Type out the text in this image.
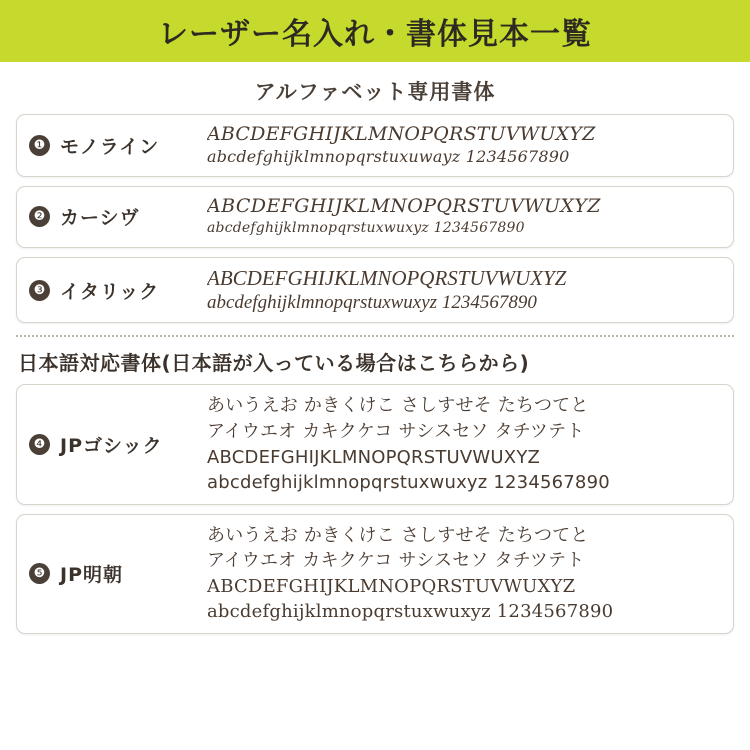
レーザー名入れ・書体見本一覧
アルファベット専用書体
❶ モノライン
ABCDEFGHIJKLMNOPQRSTUVWUXYZ
abcdefghijklmnopqrstuxuwayz 1234567890
❷ カーシヴ
ABCDEFGHIJKLMNOPQRSTUVWUXYZ
abcdefghijklmnopqrstuxwuxyz 1234567890
❸ イタリック
ABCDEFGHIJKLMNOPQRSTUVWUXYZ
abcdefghijklmnopqrstuxwuxyz 1234567890
日本語対応書体(日本語が入っている場合はこちらから)
❹ JPゴシック
あいうえお かきくけこ さしすせそ たちつてと
アイウエオ カキクケコ サシスセソ タチツテト
ABCDEFGHIJKLMNOPQRSTUVWUXYZ
abcdefghijklmnopqrstuxwuxyz 1234567890
❺ JP明朝
あいうえお かきくけこ さしすせそ たちつてと
アイウエオ カキクケコ サシスセソ タチツテト
ABCDEFGHIJKLMNOPQRSTUVWUXYZ
abcdefghijklmnopqrstuxwuxyz 1234567890
